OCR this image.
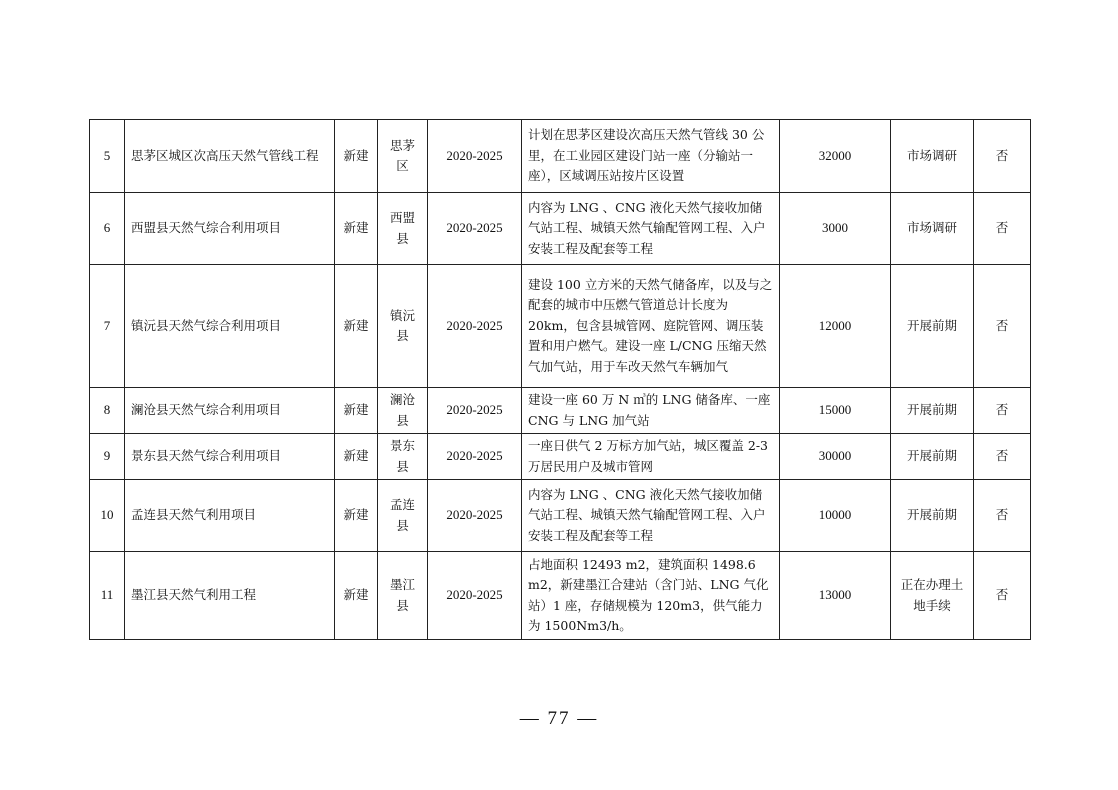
5	思茅区城区次高压天然气管线工程	新建	思茅区	2020-2025	计划在思茅区建设次高压天然气管线 30 公里，在工业园区建设门站一座（分输站一座），区域调压站按片区设置	32000	市场调研	否
6	西盟县天然气综合利用项目	新建	西盟县	2020-2025	内容为 LNG 、CNG 液化天然气接收加储气站工程、城镇天然气输配管网工程、入户安装工程及配套等工程	3000	市场调研	否
7	镇沅县天然气综合利用项目	新建	镇沅县	2020-2025	建设 100 立方米的天然气储备库，以及与之配套的城市中压燃气管道总计长度为 20km，包含县城管网、庭院管网、调压装置和用户燃气。建设一座 L/CNG 压缩天然气加气站，用于车改天然气车辆加气	12000	开展前期	否
8	澜沧县天然气综合利用项目	新建	澜沧县	2020-2025	建设一座 60 万 N ㎥的 LNG 储备库、一座 CNG 与 LNG 加气站	15000	开展前期	否
9	景东县天然气综合利用项目	新建	景东县	2020-2025	一座日供气 2 万标方加气站，城区覆盖 2-3 万居民用户及城市管网	30000	开展前期	否
10	孟连县天然气利用项目	新建	孟连县	2020-2025	内容为 LNG 、CNG 液化天然气接收加储气站工程、城镇天然气输配管网工程、入户安装工程及配套等工程	10000	开展前期	否
11	墨江县天然气利用工程	新建	墨江县	2020-2025	占地面积 12493 m2，建筑面积 1498.6 m2，新建墨江合建站（含门站、LNG 气化站）1 座，存储规模为 120m3，供气能力为 1500Nm3/h。	13000	正在办理土地手续	否
— 77 —
